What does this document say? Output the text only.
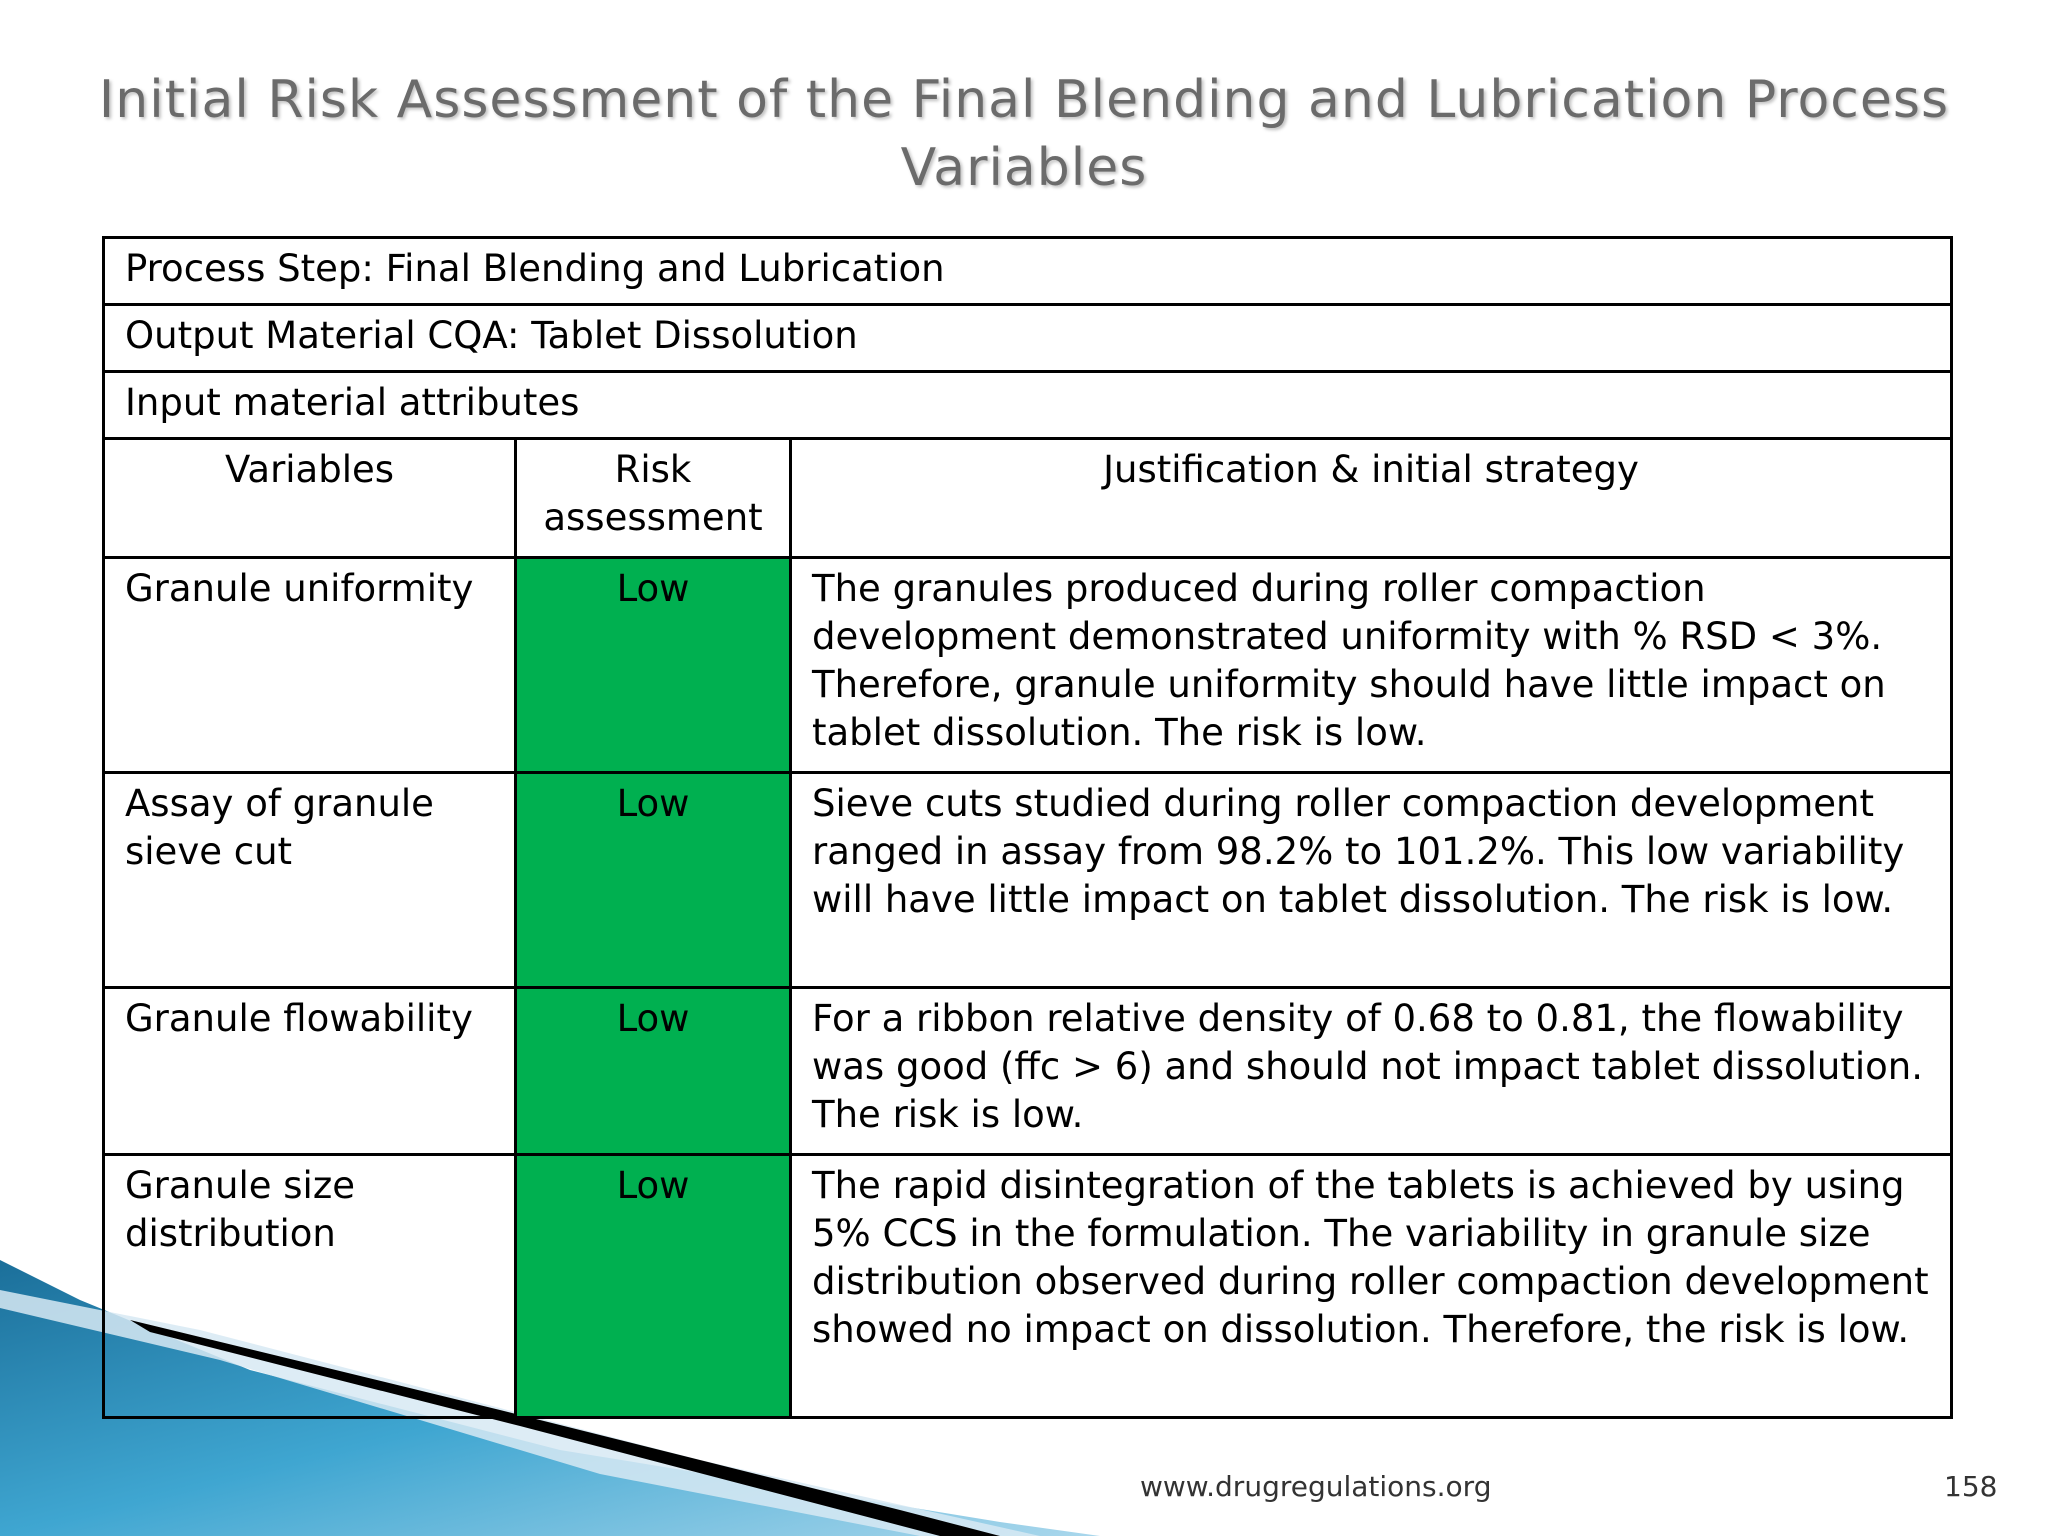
Initial Risk Assessment of the Final Blending and Lubrication Process
Variables
Process Step: Final Blending and Lubrication		
Output Material CQA: Tablet Dissolution		
Input material attributes		
Variables	Risk assessment	Justification & initial strategy
Granule uniformity	Low	The granules produced during roller compaction development demonstrated uniformity with % RSD < 3%. Therefore, granule uniformity should have little impact on tablet dissolution. The risk is low.
Assay of granule sieve cut	Low	Sieve cuts studied during roller compaction development ranged in assay from 98.2% to 101.2%. This low variability will have little impact on tablet dissolution. The risk is low.
Granule flowability	Low	For a ribbon relative density of 0.68 to 0.81, the flowability was good (ffc > 6) and should not impact tablet dissolution. The risk is low.
Granule size distribution	Low	The rapid disintegration of the tablets is achieved by using 5% CCS in the formulation. The variability in granule size distribution observed during roller compaction development showed no impact on dissolution. Therefore, the risk is low.
www.drugregulations.org	158
